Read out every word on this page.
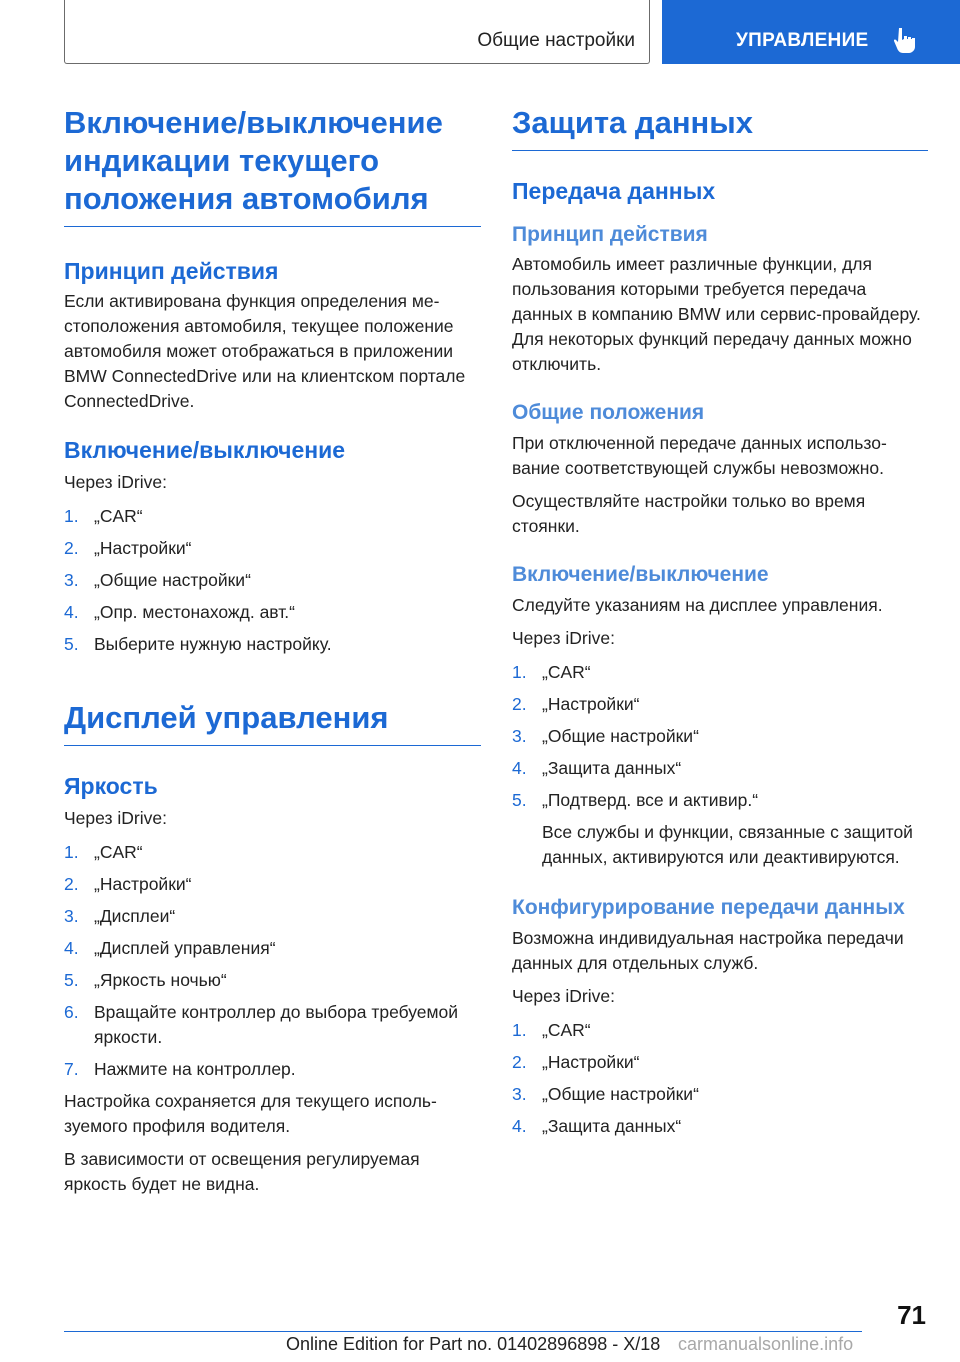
Общие настройки	УПРАВЛЕНИЕ
Включение/выключение индикации текущего положения автомобиля
Принцип действия

Если активирована функция определения местоположения автомобиля, текущее положение автомобиля может отображаться в приложении BMW ConnectedDrive или на клиентском портале ConnectedDrive.

Включение/выключение

Через iDrive:

1. „CAR“
2. „Настройки“
3. „Общие настройки“
4. „Опр. местонахожд. авт.“
5. Выберите нужную настройку.
Дисплей управления
Яркость

Через iDrive:

1. „CAR“
2. „Настройки“
3. „Дисплеи“
4. „Дисплей управления“
5. „Яркость ночью“
6. Вращайте контроллер до выбора требуемой яркости.
7. Нажмите на контроллер.

Настройка сохраняется для текущего используемого профиля водителя.

В зависимости от освещения регулируемая яркость будет не видна.

Защита данных
Передача данных
Принцип действия

Автомобиль имеет различные функции, для пользования которыми требуется передача данных в компанию BMW или сервис-провайдеру. Для некоторых функций передачу данных можно отключить.

Общие положения

При отключенной передаче данных использование соответствующей службы невозможно.

Осуществляйте настройки только во время стоянки.

Включение/выключение

Следуйте указаниям на дисплее управления.

Через iDrive:

1. „CAR“
2. „Настройки“
3. „Общие настройки“
4. „Защита данных“
5. „Подтверд. все и активир.“
Все службы и функции, связанные с защитой данных, активируются или деактивируются.
Конфигурирование передачи данных

Возможна индивидуальная настройка передачи данных для отдельных служб.

Через iDrive:

1. „CAR“
2. „Настройки“
3. „Общие настройки“
4. „Защита данных“
71
Online Edition for Part no. 01402896898 - X/18 carmanualsonline.info
